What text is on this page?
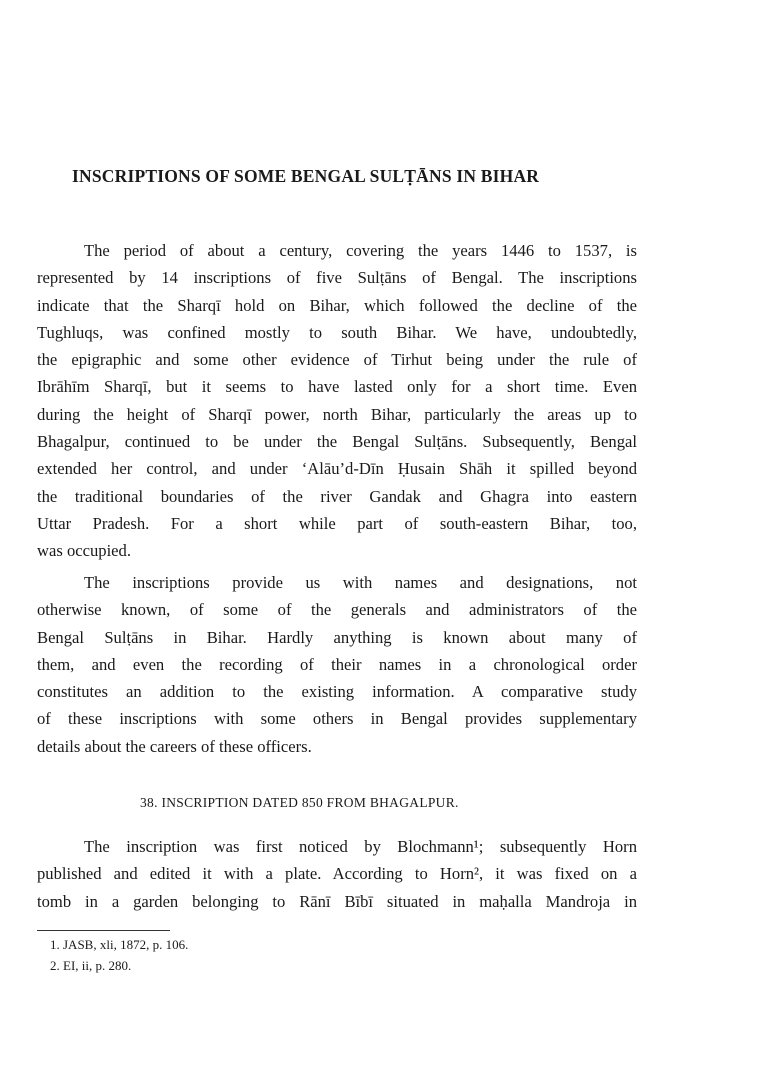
INSCRIPTIONS OF SOME BENGAL SULṬĀNS IN BIHAR
The period of about a century, covering the years 1446 to 1537, is
represented by 14 inscriptions of five Sulṭāns of Bengal. The inscriptions
indicate that the Sharqī hold on Bihar, which followed the decline of the
Tughluqs, was confined mostly to south Bihar. We have, undoubtedly,
the epigraphic and some other evidence of Tirhut being under the rule of
Ibrāhīm Sharqī, but it seems to have lasted only for a short time. Even
during the height of Sharqī power, north Bihar, particularly the areas up to
Bhagalpur, continued to be under the Bengal Sulṭāns. Subsequently, Bengal
extended her control, and under ‘Alāu’d-Dīn Ḥusain Shāh it spilled beyond
the traditional boundaries of the river Gandak and Ghagra into eastern
Uttar Pradesh. For a short while part of south-eastern Bihar, too,
was occupied.
The inscriptions provide us with names and designations, not
otherwise known, of some of the generals and administrators of the
Bengal Sulṭāns in Bihar. Hardly anything is known about many of
them, and even the recording of their names in a chronological order
constitutes an addition to the existing information. A comparative study
of these inscriptions with some others in Bengal provides supplementary
details about the careers of these officers.
38. INSCRIPTION DATED 850 FROM BHAGALPUR.
The inscription was first noticed by Blochmann¹; subsequently Horn
published and edited it with a plate. According to Horn², it was fixed on a
tomb in a garden belonging to Rānī Bībī situated in maḥalla Mandroja in
1. JASB, xli, 1872, p. 106.
2. EI, ii, p. 280.
